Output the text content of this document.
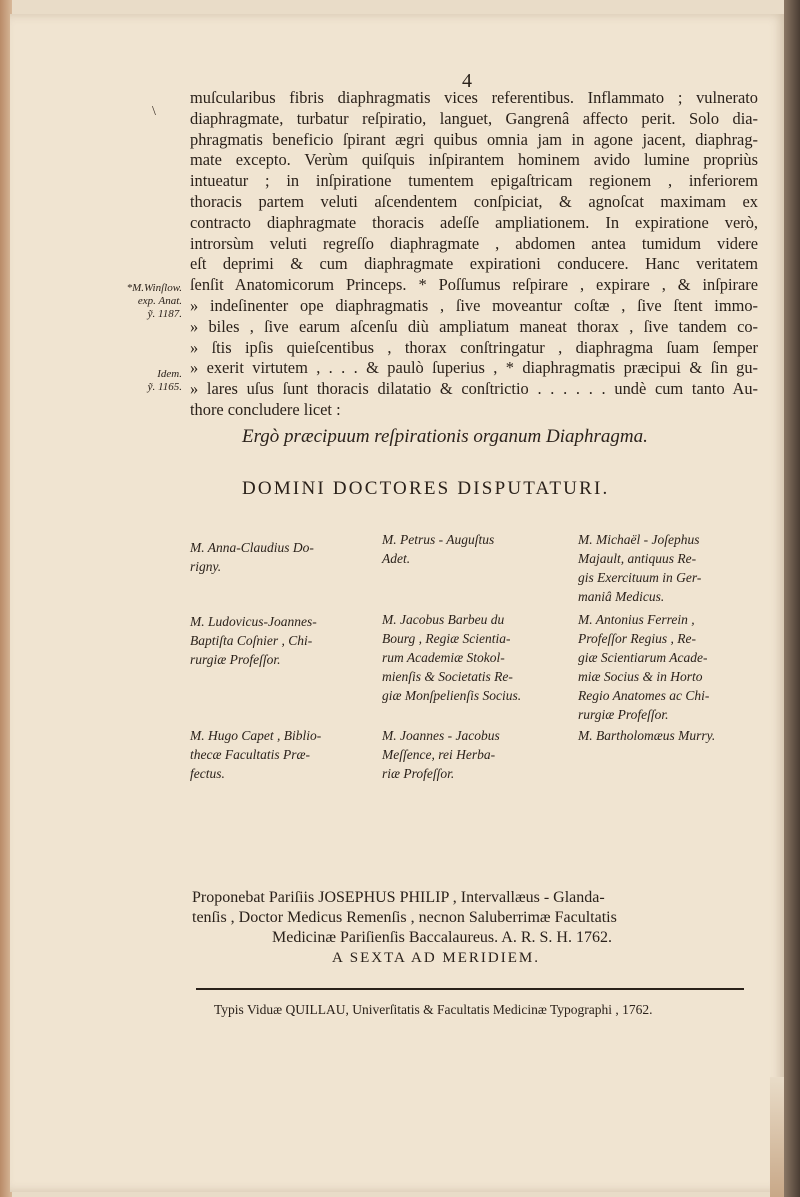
4
\
muſcularibus fibris diaphragmatis vices referentibus. Inflammato ; vulnerato
diaphragmate, turbatur reſpiratio, languet, Gangrenâ affecto perit. Solo dia-
phragmatis beneficio ſpirant ægri quibus omnia jam in agone jacent, diaphrag-
mate excepto. Verùm quiſquis inſpirantem hominem avido lumine propriùs
intueatur ; in inſpiratione tumentem epigaſtricam regionem , inferiorem
thoracis partem veluti aſcendentem conſpiciat, & agnoſcat maximam ex
contracto diaphragmate thoracis adeſſe ampliationem. In expiratione verò,
introrsùm veluti regreſſo diaphragmate , abdomen antea tumidum videre
eſt deprimi & cum diaphragmate expirationi conducere. Hanc veritatem
ſenſit Anatomicorum Princeps. * Poſſumus reſpirare , expirare , & inſpirare
» indeſinenter ope diaphragmatis , ſive moveantur coſtæ , ſive ſtent immo-
» biles , ſive earum aſcenſu diù ampliatum maneat thorax , ſive tandem co-
» ſtis ipſis quieſcentibus , thorax conſtringatur , diaphragma ſuam ſemper
» exerit virtutem , . . . & paulò ſuperius , * diaphragmatis præcipui & ſin gu-
» lares uſus ſunt thoracis dilatatio & conſtrictio . . . . . . undè cum tanto Au-
thore concludere licet :
*M.Winſlow.
exp. Anat.
ỹ. 1187.
Idem.
ỹ. 1165.
Ergò præcipuum reſpirationis organum Diaphragma.
DOMINI DOCTORES DISPUTATURI.
M. Anna-Claudius Do-
rigny.
M. Ludovicus-Joannes-
Baptiſta Coſnier , Chi-
rurgiæ Profeſſor.
M. Hugo Capet , Biblio-
thecæ Facultatis Præ-
fectus.
M. Petrus - Auguſtus
Adet.
M. Jacobus Barbeu du
Bourg , Regiæ Scientia-
rum Academiæ Stokol-
mienſis & Societatis Re-
giæ Monſpelienſis Socius.
M. Joannes - Jacobus
Meſſence, rei Herba-
riæ Profeſſor.
M. Michaël - Joſephus
Majault, antiquus Re-
gis Exercituum in Ger-
maniâ Medicus.
M. Antonius Ferrein ,
Profeſſor Regius , Re-
giæ Scientiarum Acade-
miæ Socius & in Horto
Regio Anatomes ac Chi-
rurgiæ Profeſſor.
M. Bartholomæus Murry.
Proponebat Pariſiis JOSEPHUS PHILIP , Intervallæus - Glanda-
tenſis , Doctor Medicus Remenſis , necnon Saluberrimæ Facultatis
Medicinæ Pariſienſis Baccalaureus. A. R. S. H. 1762.
A SEXTA AD MERIDIEM.
Typis Viduæ QUILLAU, Univerſitatis & Facultatis Medicinæ Typographi , 1762.
